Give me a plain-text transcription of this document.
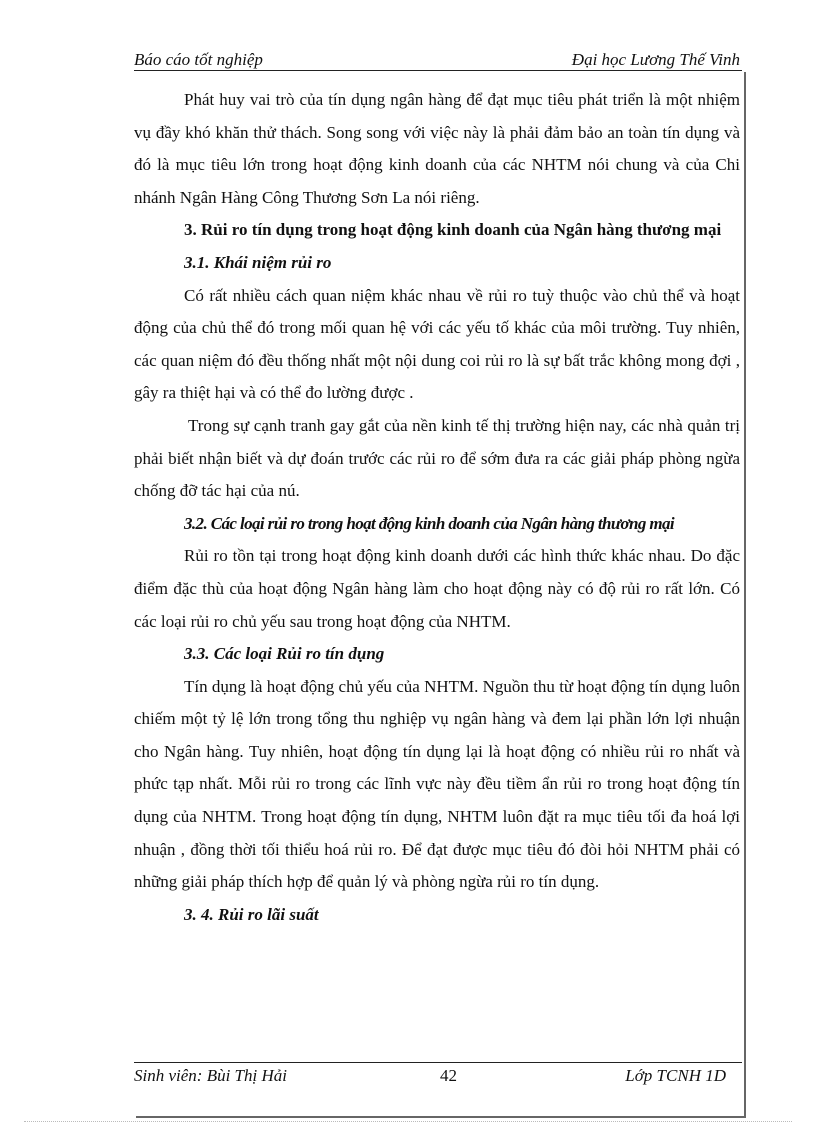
Báo cáo tốt nghiệp	Đại học Lương Thế Vinh

Phát huy vai trò của tín dụng ngân hàng để đạt mục tiêu phát triển là một nhiệm vụ đầy khó khăn thử thách. Song song với việc này là phải đảm bảo an toàn tín dụng và đó là mục tiêu lớn trong hoạt động kinh doanh của các NHTM nói chung và của Chi nhánh Ngân Hàng Công Thương Sơn La nói riêng.

3. Rủi ro tín dụng trong hoạt động kinh doanh của Ngân hàng thương mại

3.1. Khái niệm rủi ro

Có rất nhiều cách quan niệm khác nhau về rủi ro tuỳ thuộc vào chủ thể và hoạt động của chủ thể đó trong mối quan hệ với các yếu tố khác của môi trường. Tuy nhiên, các quan niệm đó đều thống nhất một nội dung coi rủi ro là sự bất trắc không mong đợi , gây ra thiệt hại và có thể đo lường được .

Trong sự cạnh tranh gay gắt của nền kinh tế thị trường hiện nay, các nhà quản trị phải biết nhận biết và dự đoán trước các rủi ro để sớm đưa ra các giải pháp phòng ngừa chống đỡ tác hại của nú.

3.2. Các loại rủi ro trong hoạt động kinh doanh của Ngân hàng thương mại

Rủi ro tồn tại trong hoạt động kinh doanh dưới các hình thức khác nhau. Do đặc điểm đặc thù của hoạt động Ngân hàng làm cho hoạt động này có độ rủi ro rất lớn. Có các loại rủi ro chủ yếu sau trong hoạt động của NHTM.

3.3. Các loại Rủi ro tín dụng

Tín dụng là hoạt động chủ yếu của NHTM. Nguồn thu từ hoạt động tín dụng luôn chiếm một tỷ lệ lớn trong tổng thu nghiệp vụ ngân hàng và đem lại phần lớn lợi nhuận cho Ngân hàng. Tuy nhiên, hoạt động tín dụng lại là hoạt động có nhiều rủi ro nhất và phức tạp nhất. Mỗi rủi ro trong các lĩnh vực này đều tiềm ẩn rủi ro trong hoạt động tín dụng của NHTM. Trong hoạt động tín dụng, NHTM luôn đặt ra mục tiêu tối đa hoá lợi nhuận , đồng thời tối thiểu hoá rủi ro. Để đạt được mục tiêu đó đòi hỏi NHTM phải có những giải pháp thích hợp để quản lý và phòng ngừa rủi ro tín dụng.

3. 4. Rủi ro lãi suất

Sinh viên: Bùi Thị Hải	42	Lớp TCNH 1D
